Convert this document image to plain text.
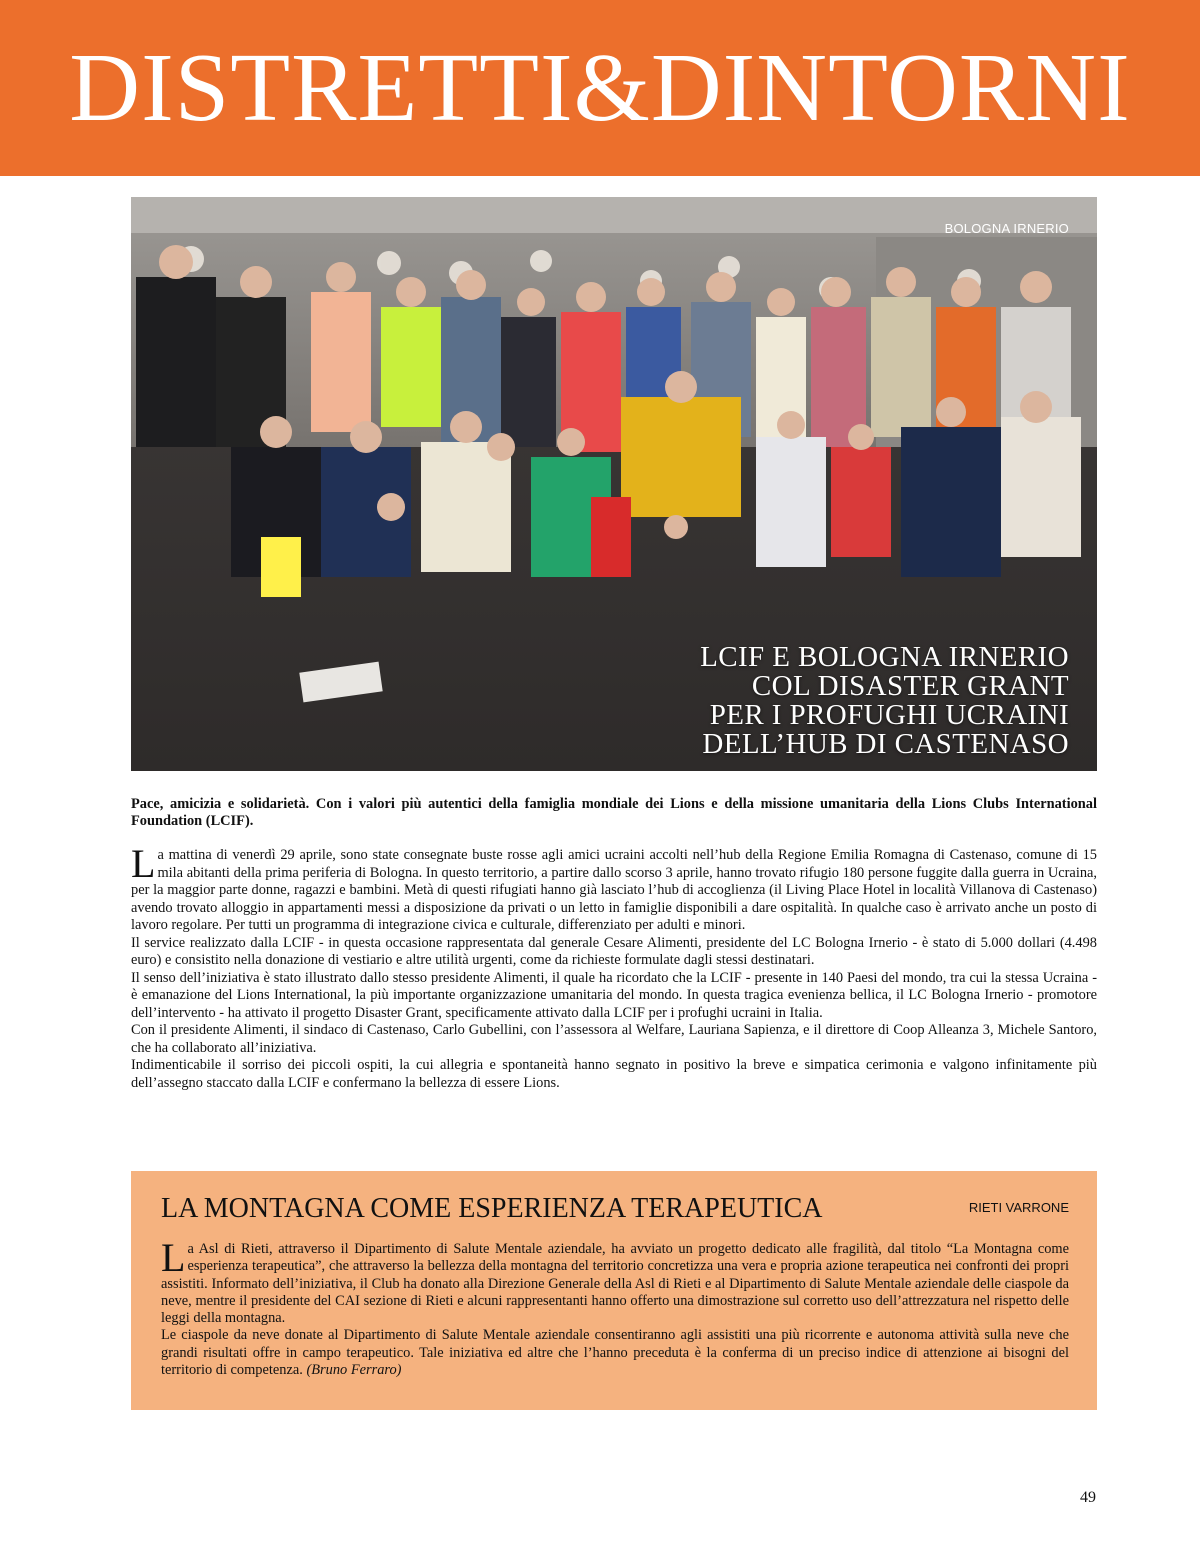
DISTRETTI&DINTORNI
BOLOGNA IRNERIO
LCIF E BOLOGNA IRNERIO
COL DISASTER GRANT
PER I PROFUGHI UCRAINI
DELL’HUB DI CASTENASO
Pace, amicizia e solidarietà. Con i valori più autentici della famiglia mondiale dei Lions e della missione umanitaria della Lions Clubs International Foundation (LCIF).

La mattina di venerdì 29 aprile, sono state consegnate buste rosse agli amici ucraini accolti nell’hub della Regione Emilia Romagna di Castenaso, comune di 15 mila abitanti della prima periferia di Bologna. In questo territorio, a partire dallo scorso 3 aprile, hanno trovato rifugio 180 persone fuggite dalla guerra in Ucraina, per la maggior parte donne, ragazzi e bambini. Metà di questi rifugiati hanno già lasciato l’hub di accoglienza (il Living Place Hotel in località Villanova di Castenaso) avendo trovato alloggio in appartamenti messi a disposizione da privati o un letto in famiglie disponibili a dare ospitalità. In qualche caso è arrivato anche un posto di lavoro regolare. Per tutti un programma di integrazione civica e culturale, differenziato per adulti e minori.

Il service realizzato dalla LCIF - in questa occasione rappresentata dal generale Cesare Alimenti, presidente del LC Bologna Irnerio - è stato di 5.000 dollari (4.498 euro) e consistito nella donazione di vestiario e altre utilità urgenti, come da richieste formulate dagli stessi destinatari.

Il senso dell’iniziativa è stato illustrato dallo stesso presidente Alimenti, il quale ha ricordato che la LCIF - presente in 140 Paesi del mondo, tra cui la stessa Ucraina - è emanazione del Lions International, la più importante organizzazione umanitaria del mondo. In questa tragica evenienza bellica, il LC Bologna Irnerio - promotore dell’intervento - ha attivato il progetto Disaster Grant, specificamente attivato dalla LCIF per i profughi ucraini in Italia.

Con il presidente Alimenti, il sindaco di Castenaso, Carlo Gubellini, con l’assessora al Welfare, Lauriana Sapienza, e il direttore di Coop Alleanza 3, Michele Santoro, che ha collaborato all’iniziativa.

Indimenticabile il sorriso dei piccoli ospiti, la cui allegria e spontaneità hanno segnato in positivo la breve e simpatica cerimonia e valgono infinitamente più dell’assegno staccato dalla LCIF e confermano la bellezza di essere Lions.

LA MONTAGNA COME ESPERIENZA TERAPEUTICA	RIETI VARRONE

La Asl di Rieti, attraverso il Dipartimento di Salute Mentale aziendale, ha avviato un progetto dedicato alle fragilità, dal titolo “La Montagna come esperienza terapeutica”, che attraverso la bellezza della montagna del territorio concretizza una vera e propria azione terapeutica nei confronti dei propri assistiti. Informato dell’iniziativa, il Club ha donato alla Direzione Generale della Asl di Rieti e al Dipartimento di Salute Mentale aziendale delle ciaspole da neve, mentre il presidente del CAI sezione di Rieti e alcuni rappresentanti hanno offerto una dimostrazione sul corretto uso dell’attrezzatura nel rispetto delle leggi della montagna.

Le ciaspole da neve donate al Dipartimento di Salute Mentale aziendale consentiranno agli assistiti una più ricorrente e autonoma attività sulla neve che grandi risultati offre in campo terapeutico. Tale iniziativa ed altre che l’hanno preceduta è la conferma di un preciso indice di attenzione ai bisogni del territorio di competenza. (Bruno Ferraro)

49
